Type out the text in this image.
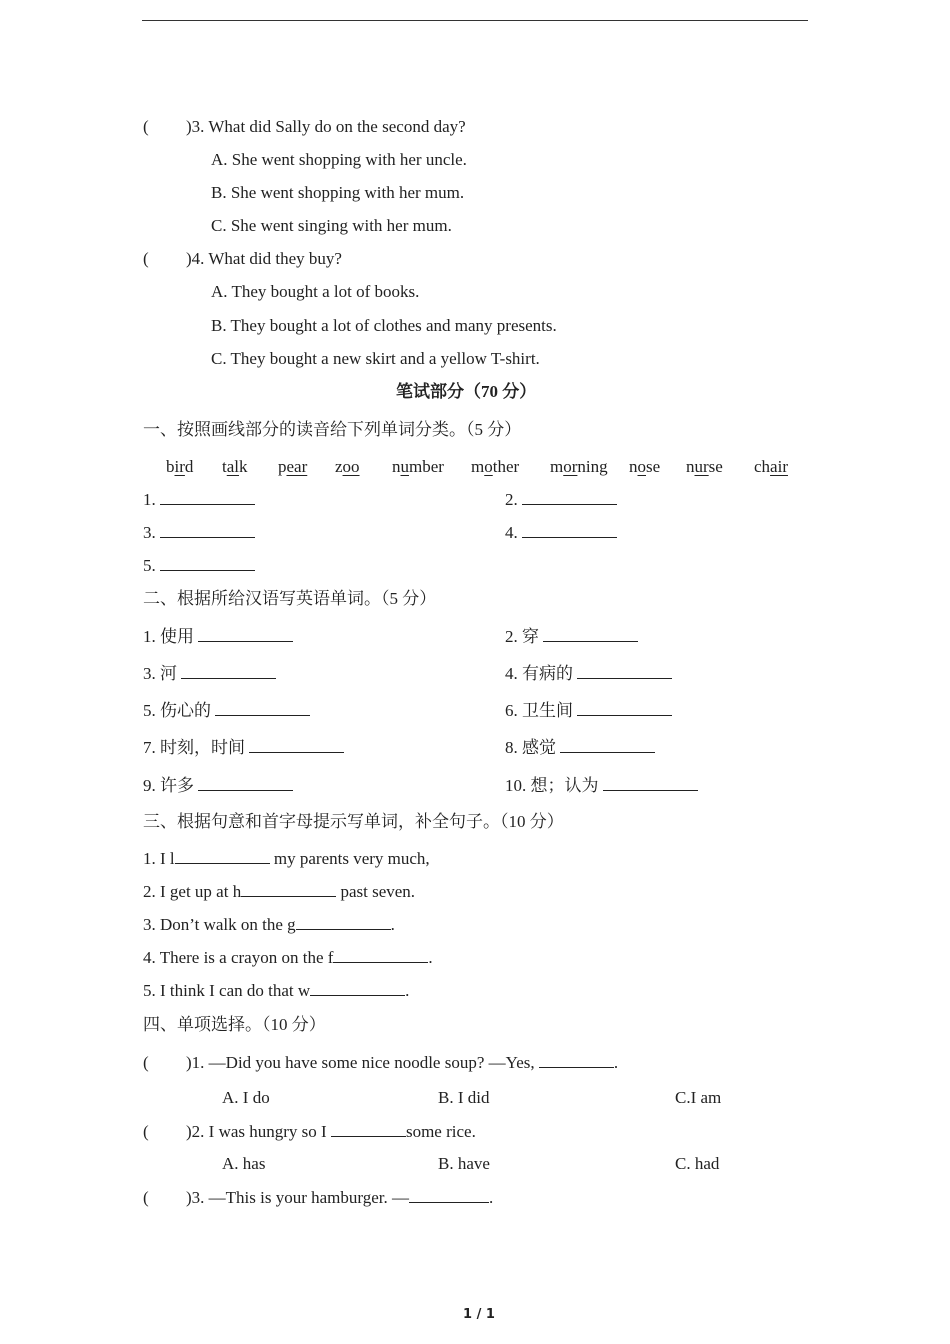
( )3. What did Sally do on the second day?
A. She went shopping with her uncle.
B. She went shopping with her mum.
C. She went singing with her mum.
( )4. What did they buy?
A. They bought a lot of books.
B. They bought a lot of clothes and many presents.
C. They bought a new skirt and a yellow T-shirt.
笔试部分（70 分）
一、按照画线部分的读音给下列单词分类。（5 分）
bird talk pear zoo number mother morning nose nurse chair
1.	2.
3.	4.
5.
二、根据所给汉语写英语单词。（5 分）
1. 使用	2. 穿
3. 河	4. 有病的
5. 伤心的	6. 卫生间
7. 时刻，时间	8. 感觉
9. 许多	10. 想；认为
三、根据句意和首字母提示写单词，补全句子。（10 分）
1. I l	my parents very much,
2. I get up at h	past seven.
3. Don’t walk on the g	.
4. There is a crayon on the f	.
5. I think I can do that w	.
四、单项选择。（10 分）
( )1. —Did you have some nice noodle soup? —Yes,	.
A. I do	B. I did	C.I am
( )2. I was hungry so I	some rice.
A. has	B. have	C. had
( )3. —This is your hamburger. —	.
1 / 1
